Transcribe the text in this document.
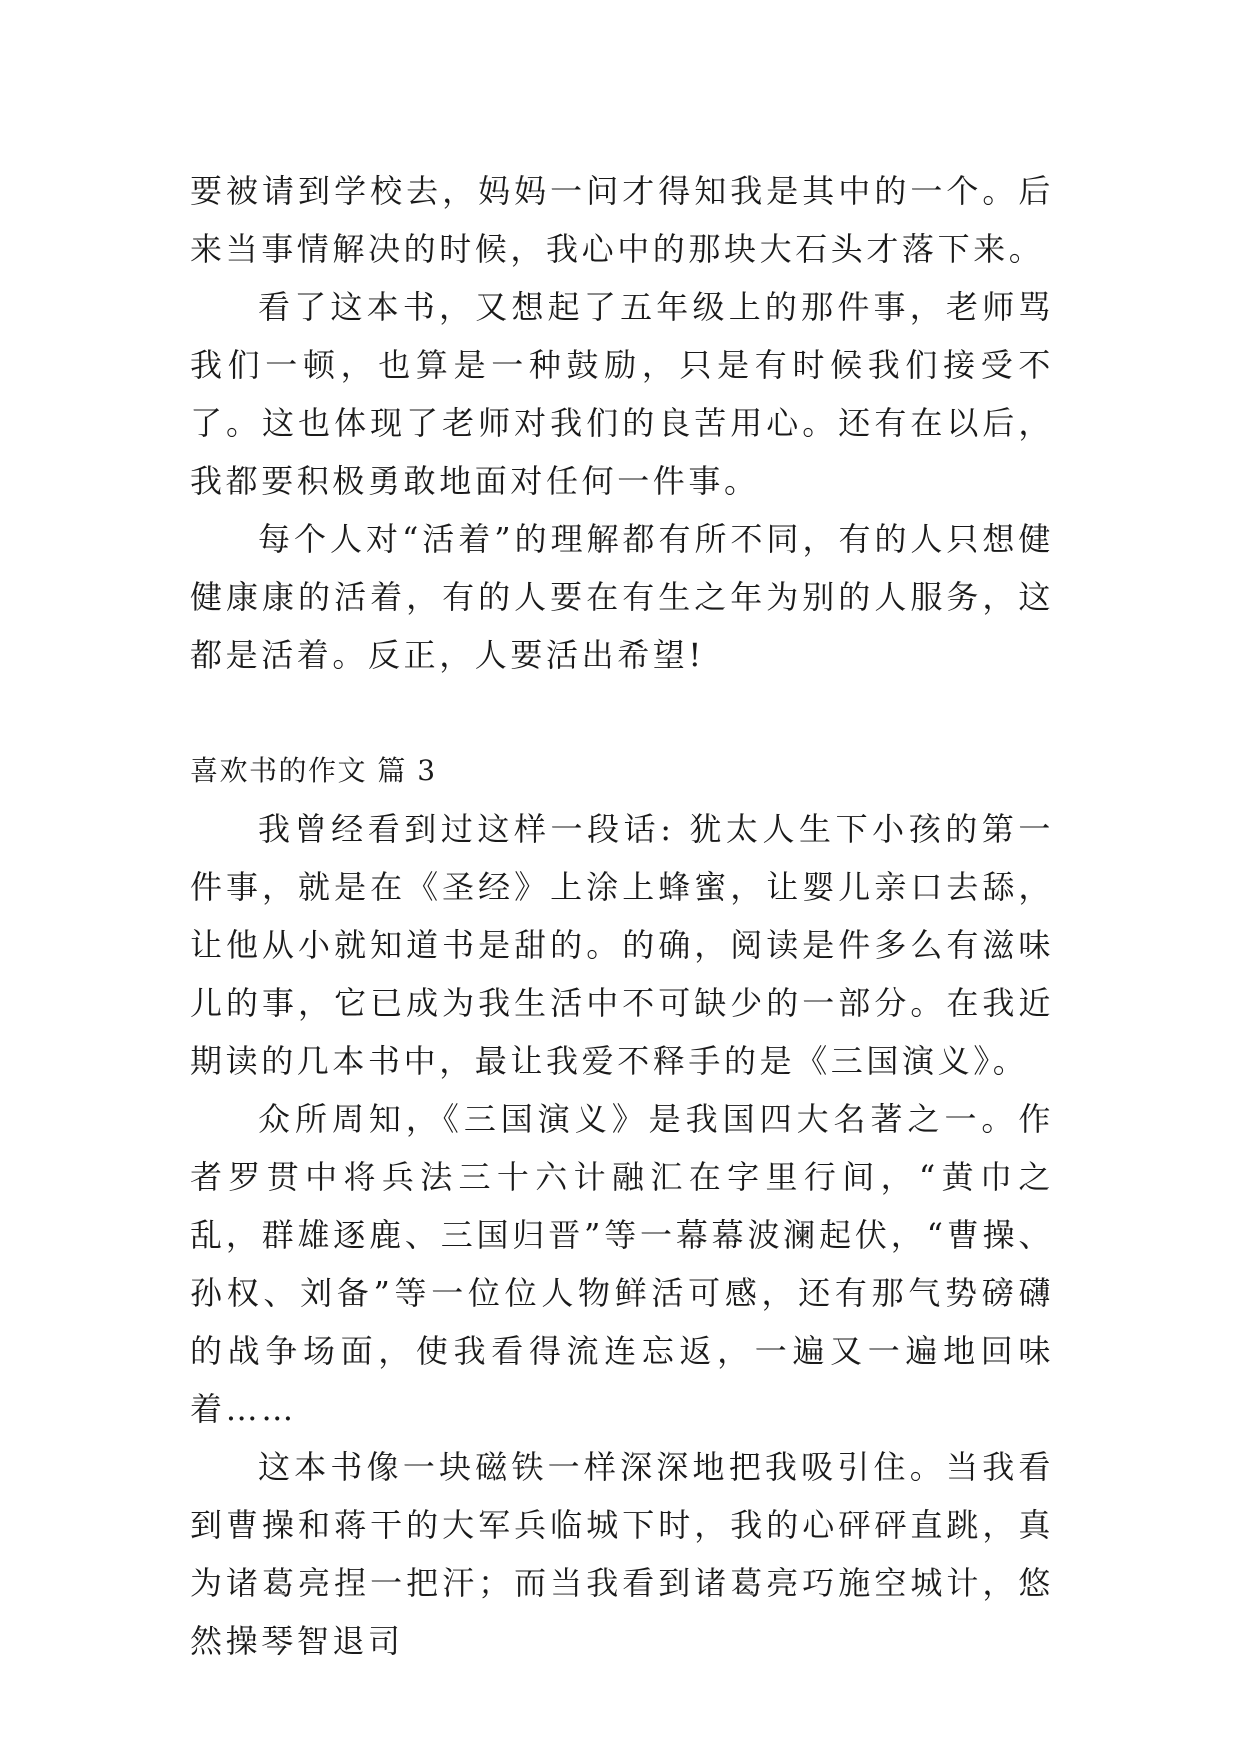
要被请到学校去，妈妈一问才得知我是其中的一个。后来当事情解决的时候，我心中的那块大石头才落下来。

看了这本书，又想起了五年级上的那件事，老师骂我们一顿，也算是一种鼓励，只是有时候我们接受不了。这也体现了老师对我们的良苦用心。还有在以后，我都要积极勇敢地面对任何一件事。

每个人对“活着”的理解都有所不同，有的人只想健健康康的活着，有的人要在有生之年为别的人服务，这都是活着。反正，人要活出希望!

喜欢书的作文 篇 3

我曾经看到过这样一段话: 犹太人生下小孩的第一件事，就是在《圣经》上涂上蜂蜜，让婴儿亲口去舔，让他从小就知道书是甜的。的确，阅读是件多么有滋味儿的事，它已成为我生活中不可缺少的一部分。在我近期读的几本书中，最让我爱不释手的是《三国演义》。

众所周知，《三国演义》是我国四大名著之一。作者罗贯中将兵法三十六计融汇在字里行间，“黄巾之乱，群雄逐鹿、三国归晋”等一幕幕波澜起伏，“曹操、孙权、刘备”等一位位人物鲜活可感，还有那气势磅礴的战争场面，使我看得流连忘返，一遍又一遍地回味着……

这本书像一块磁铁一样深深地把我吸引住。当我看到曹操和蒋干的大军兵临城下时，我的心砰砰直跳，真为诸葛亮捏一把汗；而当我看到诸葛亮巧施空城计，悠然操琴智退司
